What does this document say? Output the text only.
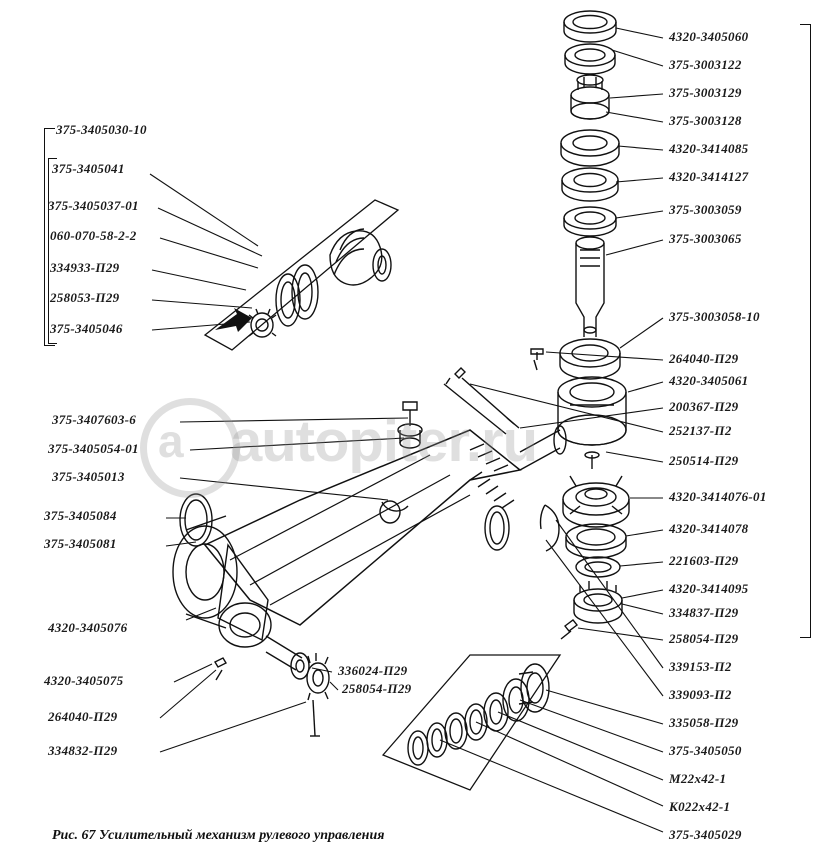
a autopiter.ru
375-3405030-10
375-3405041
375-3405037-01
060-070-58-2-2
334933-П29
258053-П29
375-3405046
375-3407603-6
375-3405054-01
375-3405013
375-3405084
375-3405081
4320-3405076
4320-3405075
264040-П29
334832-П29
336024-П29
258054-П29
4320-3405060
375-3003122
375-3003129
375-3003128
4320-3414085
4320-3414127
375-3003059
375-3003065
375-3003058-10
264040-П29
4320-3405061
200367-П29
252137-П2
250514-П29
4320-3414076-01
4320-3414078
221603-П29
4320-3414095
334837-П29
258054-П29
339153-П2
339093-П2
335058-П29
375-3405050
М22х42-1
К022х42-1
375-3405029
Рис. 67 Усилительный механизм рулевого управления
